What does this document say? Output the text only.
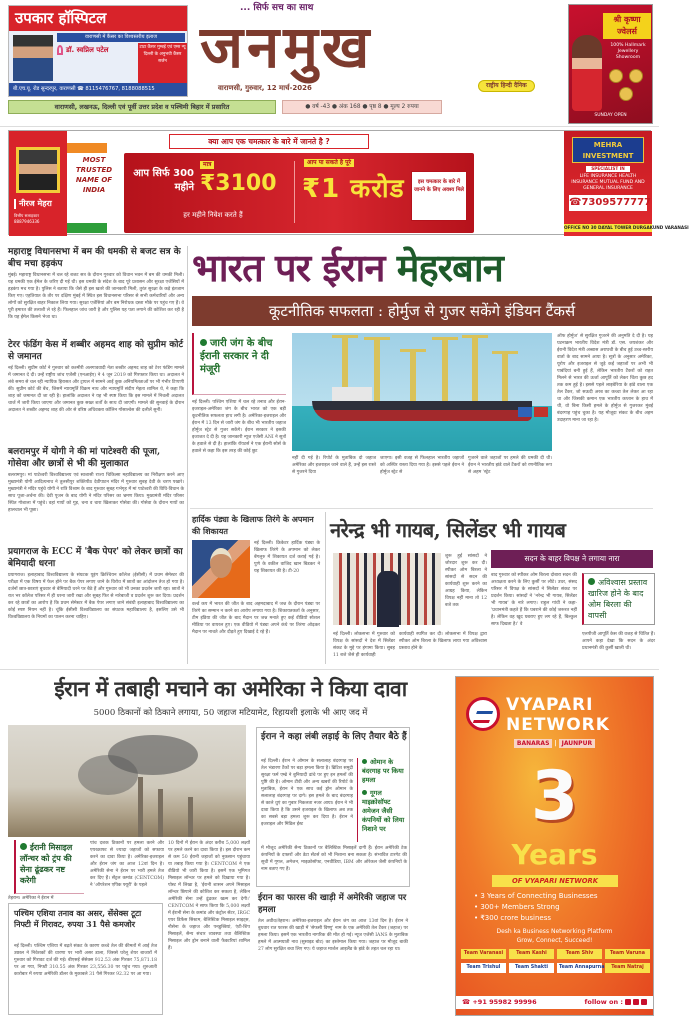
उपकार हॉस्पिटल
वाराणसी में कैंसर का विश्वस्तरीय इलाज
डॉ. स्वप्निल पटेल	टाटा कैंसर मुम्बई एवं एम्स न्यू दिल्ली के अनुभवी कैंसर सर्जन
बी.एच.यू. रोड सुन्दरपुर, वाराणसी ☎ 8115476767, 8188088515
... सिर्फ सच का साथ
जनमुख
वाराणसी, गुरुवार, 12 मार्च-2026	राष्ट्रीय हिन्दी दैनिक
श्री कृष्णा ज्वेलर्स
100% Hallmark Jewellery Showroom
SUNDAY OPEN
वाराणसी, लखनऊ, दिल्ली एवं पूर्वी उत्तर प्रदेश व पश्चिमी बिहार में प्रसारित	● वर्ष -43 ● अंक 168 ● पृष्ठ 8 ● मूल्य 2 रुपया
नीरज मेहरा
वित्तीय सलाहकार
8887946336
MOST TRUSTED NAME OF INDIA
आप सिर्फ 300 महीने
मात्र
₹3100
हर महीने निवेश करते हैं
आप पा सकते है पूरे
₹1 करोड
क्या आप एक चमत्कार के बारे में जानते है ?
इस चमत्कार के बारे में जानने के लिए अवश्य मिले
MEHRA INVESTMENT
SPECIALIST IN
LIFE INSURANCE HEALTH INSURANCE MUTUAL FUND AND GENERAL INSURANCE
☎7309577777
OFFICE NO 30 DAYAL TOWER DURGAKUND VARANASI
महाराष्ट्र विधानसभा में बम की धमकी से बजट सत्र के बीच मचा हड़कंप
मुंबई। महाराष्ट्र विधानसभा में चल रहे बजट सत्र के दौरान गुरुवार को विधान भवन में बम की धमकी मिली। यह धमकी एक ईमेल के जरिए दी गई थी। इस धमकी के संदेश के बाद पूरे प्रशासन और सुरक्षा एजेंसियों में हड़कंप मच गया है। पुलिस ने बताया कि जैसे ही इस खतरे की जानकारी मिली, तुरंत सुरक्षा के कड़े इंतजाम किए गए। एहतियात के तौर पर दक्षिण मुंबई में स्थित इस विधानसभा परिसर से सभी कर्मचारियों और अन्य लोगों को सुरक्षित बाहर निकाल लिया गया। सुरक्षा एजेंसियां और बम निरोधक दस्ता मौके पर पहुंच गए हैं। वे पूरी इमारत की तलाशी ले रहे हैं। फिलहाल जांच जारी है और पुलिस यह पता लगाने की कोशिश कर रही है कि यह ईमेल किसने भेजा था।
टेरर फंडिंग केस में शब्बीर अहमद शाह को सुप्रीम कोर्ट से जमानत
नई दिल्ली। सुप्रीम कोर्ट ने गुरुवार को कश्मीरी अलगाववादी नेता शब्बीर अहमद शाह को टेरर फंडिंग मामले में जमानत दे दी। उन्हें राष्ट्रीय जांच एजेंसी (एनआईए) ने 4 जून 2019 को गिरफ्तार किया था। अदालत ने लंबे समय से चल रही न्यायिक हिरासत और ट्रायल में सामने आईं कुछ अनियमितताओं पर भी गंभीर टिप्पणी की। सुप्रीम कोर्ट की बेंच, जिसमें न्यायमूर्ति विक्रम नाथ और न्यायमूर्ति संदीप मेहता शामिल थे, ने कहा कि शाह को जमानत दी जा रही है। हालांकि अदालत ने यह भी स्पष्ट किया कि इस मामले में निचली अदालत चार्ज में जारी किया जाएगा और जमानत कुछ सख्त शर्तों के साथ दी जाएगी। मामले की सुनवाई के दौरान अदालत ने शब्बीर अहमद शाह की ओर से वरिष्ठ अधिवक्ता कॉलिन गोंसाल्वेस की दलीलें सुनीं।
बलरामपुर में योगी ने की मां पाटेश्वरी की पूजा, गोसेवा और छात्रों से भी की मुलाकात
बलरामपुर। मां पाटेश्वरी विश्वविद्यालय एवं स्वशासी राज्य चिकित्सा महाविद्यालय का निरीक्षण करने आए मुख्यमंत्री योगी आदित्यनाथ ने तुलसीपुर शक्तिपीठ देवीपाटन मंदिर में गुरुवार सुबह देवी के चरण पखारे। मुख्यमंत्री ने मंदिर पहुंचे योगी ने रात्रि विश्राम के बाद गुरुवार सुबह गर्भगृह में मां पाटेश्वरी की विधि-विधान के साथ पूजा-अर्चना की। देवी पूजन के बाद योगी ने मंदिर परिसर का भ्रमण किया। मुख्यमंत्री मंदिर परिसर स्थित गोशाला में पहुंचे। वहां गायों को गुड़, चना व चारा खिलाकर गोसेवा की। गोसेवा के दौरान गायों का हालचाल भी पूछा।
प्रयागराज के ECC में 'बैक पेपर' को लेकर छात्रों का बेमियादी धरना
प्रयागराज। इलाहाबाद विश्वविद्यालय के संघटक यूइंग क्रिश्चियन कॉलेज (ईसीसी) में प्रथम सेमेस्टर की परीक्षा में एक विषय में फेल होने पर बैक पेपर लगाए जाने के विरोध में छात्रों का आंदोलन तेज हो गया है। दर्जनों छात्र-छात्राएं बुधवार से बेमियादी धरने पर बैठे हैं और गुरुवार को भी उनका प्रदर्शन जारी रहा। छात्रों ने रात भर कॉलेज परिसर में ही धरना जारी रखा और सुबह फिर से नारेबाजी व प्रदर्शन शुरू कर दिया। प्रदर्शन कर रहे छात्रों का आरोप है कि प्रथम सेमेस्टर में बैक पेपर लगाए जाने संबंधी इलाहाबाद विश्वविद्यालय का कोई स्पष्ट नियम नहीं है। चूंकि ईसीसी विश्वविद्यालय का संघटक महाविद्यालय है, इसलिए उसे भी विश्वविद्यालय के नियमों का पालन करना चाहिए।
भारत पर ईरान मेहरबान
कूटनीतिक सफलता : होर्मुज से गुजर सकेंगे इंडियन टैंकर्स
जारी जंग के बीच ईरानी सरकार ने दी मंजूरी
नई दिल्ली। पश्चिम एशिया में चल रहे तनाव और ईरान-इजराइल-अमेरिका जंग के बीच भारत को एक बड़ी कूटनीतिक सफलता हाथ लगी है। अमेरिका-इजराइल और ईरान में 13 दिन से जारी जंग के बीच भी भारतीय जहाज होर्मुज स्ट्रेट से गुजर सकेंगे। ईरान सरकार ने इसकी इजाजत दे दी है। यह जानकारी न्यूज एजेंसी ANI ने सूत्रों के हवाले से दी है। हालांकि रॉयटर्स ने एक ईरानी सोर्स के हवाले से कहा कि इस तरह की कोई छूट
नहीं दी गई है। रिपोर्ट के मुताबिक दो जहाज अमेरिका और इजराइल जाने वाले हैं, उन्हें इस रास्ते से गुजरने दिया
जाएगा। इसी वजह से फिलहाल भारतीय जहाजों को अस्थिर रास्ता दिया गया है। इससे पहले ईरान ने होर्मुज स्ट्रेट से
गुजरने वाले जहाजों पर हमले की धमकी दी थी। ईरान ने भारतीय झंडे वाले टैंकरों को रणनीतिक रूप से अहम 'स्ट्रेट
ऑफ होर्मुज' से सुरक्षित गुजरने की अनुमति दे दी है। यह घटनाक्रम भारतीय विदेश मंत्री डॉ. एस. जयशंकर और ईरानी विदेश मंत्री अब्बास अराघची के बीच हुई उच्च-स्तरीय वार्ता के बाद सामने आया है। सूत्रों के अनुसार अमेरिका, यूरोप और इजराइल से जुड़े कई जहाजों पर अभी भी पाबंदियां बनी हुई हैं, लेकिन भारतीय टैंकरों को राहत मिलने से भारत की ऊर्जा आपूर्ति को लेकर चिंता कुछ हद तक कम हुई है। इससे पहले लाइबेरिया के झंडे वाला एक तेल टैंकर, जो सऊदी अरब का कच्चा तेल लेकर आ रहा था और जिसकी कमान एक भारतीय कप्तान के हाथ में थी, वो बिना किसी हमले के होर्मुज से गुजरकर मुंबई बंदरगाह पहुंच चुका है। यह मौजूदा संकट के बीच अहम उदाहरण माना जा रहा है।
हार्दिक पंड्या के खिलाफ तिरंगे के अपमान की शिकायत
नई दिल्ली। क्रिकेटर हार्दिक पंड्या के खिलाफ तिरंगे के अपमान को लेकर बेंगलुरु में शिकायत दर्ज कराई गई है। पुणे के वकील वाजिद खान बिडकर ने यह शिकायत की है। टी-20
वर्ल्ड कप में भारत की जीत के बाद अहमदाबाद में जश्न के दौरान पंड्या पर तिरंगे का सम्मान न करने का आरोप लगाया गया है। शिकायतकर्ता के अनुसार, टीम इंडिया की जीत के बाद मैदान पर जश्न मनाते हुए कई वीडियो सोशल मीडिया पर वायरल हुए। एक वीडियो में पंड्या अपने कंधे पर तिरंगा ओढ़कर मैदान पर नाचते और दौड़ते हुए दिखाई दे रहे हैं।
नरेन्द्र भी गायब, सिलेंडर भी गायब
सदन के बाहर विपक्ष ने लगाया नारा
शुरू हुई सांसदों ने जोरदार शुरू कर दी। स्पीकर ओम बिरला ने सांसदों से सदन की कार्यवाही शुरू करने का आग्रह किया, लेकिन विपक्ष नहीं माना तो 12 बजे तक
नई दिल्ली। लोकसभा में गुरुवार को विपक्ष के सांसदों ने देश में सिलेंडर संकट के मुद्दे पर हंगामा किया। सुबह 11 बजे जैसे ही कार्यवाही
कार्यवाही स्थगित कर दी। लोकसभा में विपक्ष द्वारा स्पीकर ओम बिरला के खिलाफ लाया गया अविश्वास प्रस्ताव होने के
बाद गुरुवार को स्पीकर ओम बिरला दोबारा सदन की अध्यक्षता करने के लिए कुर्सी पर लौटे। उधर, संसद परिसर में विपक्ष के सांसदों ने सिलेंडर संकट पर प्रदर्शन किया। सांसदों ने 'नरेन्द्र भी गायब, सिलेंडर भी गायब' के नारे लगाए। राहुल गांधी ने कहा- 'प्रधानमंत्री कहते हैं कि घबराने की कोई जरूरत नहीं है। लेकिन वह खुद घबराए हुए लग रहे हैं, बिल्कुल साफ दिखता है।' वे
अविश्वास प्रस्ताव खारिज होने के बाद ओम बिरला की वापसी
एलपीजी आपूर्ति केस की वजह से चिंतित हैं। आपने कहा देखा कि सदन के अंदर प्रधानमंत्री की कुर्सी खाली थी।
ईरान में तबाही मचाने का अमेरिका ने किया दावा
5000 ठिकानों को ठिकाने लगाया, 50 जहाज मटियामेट, रिहायशी इलाके भी आए जद में
ईरानी मिसाइल लॉन्चर को ट्रंप की सेना ढूंढकर नष्ट करेगी
तेहरान। अमेरिका ने ईरान में
पांच दशक ठिकानों पर हमला करने और एयरक्राफ्ट से ज्यादा जहाजों को सफाया करने का दावा किया है। अमेरिका-इजराइल और ईरान जंग का आज 12वां दिन है। अमेरिकी सेना ने ईरान पर भारी हमले तेज कर दिए हैं। सेंट्रल कमांड (CENTCOM) ने 'ऑपरेशन एपिक फ्यूरी' के पहले
10 दिनों में ईरान के अंदर करीब 5,000 लक्ष्यों पर हमले करने का दावा किया है। इस दौरान कम से कम 50 ईरानी जहाजों को नुकसान पहुंचाया या तबाह किया गया है। CENTCOM ने एक वीडियो भी जारी किया है। इसमें एक भूमिगत मिसाइल लॉन्चर पर हमले को दिखाया गया है। पोस्ट में लिखा है, 'ईरानी शासन अपने मिसाइल लॉन्चर छिपाने की कोशिश कर सकता है, लेकिन अमेरिकी सेना उन्हें ढूंढकर खत्म कर देगी।' CENTCOM ने साफ किया कि 5,000 लक्ष्यों में ईरानी सेना के कमांड और कंट्रोल सेंटर, IRGC एयर डिफेंस सिस्टम, बैलिस्टिक मिसाइल साइट्स, नौसेना के जहाज और पनडुब्बियां, एंटी-शिप मिसाइलें, सैन्य संचार व्यवस्था तथा बैलिस्टिक मिसाइल और ड्रोन बनाने वाली फैक्टरियां शामिल हैं।
पश्चिम एशिया तनाव का असर, सेंसेक्स टूटा निफ्टी में गिरावट, रुपया 31 पैसे कमजोर
नई दिल्ली। पश्चिम एशिया में बढ़ते संकट के कारण कच्चे तेल की कीमतों में आई तेज उछाल ने निवेशकों की धारणा पर भारी असर डाला, जिससे घरेलू शेयर बाजारों में गुरुवार को गिरावट दर्ज की गई। बीएसई सेंसेक्स 912.53 अंक गिरकर 75,871.18 पर आ गया, निफ्टी 310.55 अंक गिरकर 23,556.30 पर पहुंच गया। शुरुआती कारोबार में रुपया अमेरिकी डॉलर के मुकाबले 31 पैसे गिरकर 92.32 पर आ गया।
ईरान ने कहा लंबी लड़ाई के लिए तैयार बैठे हैं
नई दिल्ली। ईरान ने ओमान के सलालाह बंदरगाह पर तेल भंडारण टैंकों पर बड़ा हमला किया है। ब्रिटिश समुद्री सुरक्षा फर्म एम्ब्रे ने बुनियादी ढांचे पर हुए इन हमलों की पुष्टि की है। ओमान टीवी और अन्य खबरों की रिपोर्ट के मुताबिक, ईरान ने एक साथ कई ड्रोन ओमान के सलालाह बंदरगाह पर दागे। इस हमले के बाद बंदरगाह से काले धुएं का गुबार निकलता नजर आया। ईरान ने भी दावा किया है कि उसने इजराइल के खिलाफ अब तक का सबसे बड़ा हमला शुरू कर दिया है। ईरान ने इजराइल और मिडिल ईस्ट
ओमान के बंदरगाह पर किया हमला
गूगल माइक्रोसॉफ्ट अमेजन जैसी कंपनियों को लिया निशाने पर
में मौजूद अमेरिकी सैन्य ठिकानों पर बैलिस्टिक मिसाइलें दागी हैं। ईरान अमेरिकी टेक कंपनियों के दफ्तरों और डेटा सेंटर्स को भी निशाना बना सकता है। संभावित टारगेट की सूची में गूगल, अमेजन, माइक्रोसॉफ्ट, एनवीडिया, IBM और ओरेकल जैसी कंपनियों के नाम बताए गए हैं।
ईरान का फारस की खाड़ी में अमेरिकी जहाज पर हमला
तेल अवीव/तेहरान। अमेरिका-इजराइल और ईरान जंग का आज 13वां दिन है। ईरान ने बुधवार रात फारस की खाड़ी में 'सेफसी विष्णु' नाम के एक अमेरिकी तेल टैंकर (जहाज) पर हमला किया। इसमें एक भारतीय नागरिक की मौत हो गई। न्यूज एजेंसी IANS के मुताबिक हमले में आत्मघाती नाव (सुसाइड बोट) का इस्तेमाल किया गया। जहाज पर मौजूद बाकी 27 लोग सुरक्षित बचा लिए गए। ये जहाज मार्शल आइलैंड के झंडे के तहत चल रहा था।
VYAPARI NETWORK
BANARAS | JAUNPUR
3
Years
OF VYAPARI NETWORK
• 3 Years of Connecting Businesses
• 300+ Members Strong
• ₹300 crore business
Desh ka Business Networking Platform
Grow, Connect, Succeed!
Team Varanasi	Team Kashi	Team Shiv	Team Varuna
Team Trishul	Team Shakti	Team Annapurna	Team Natraj
☎ +91 95982 99996	follow on :
